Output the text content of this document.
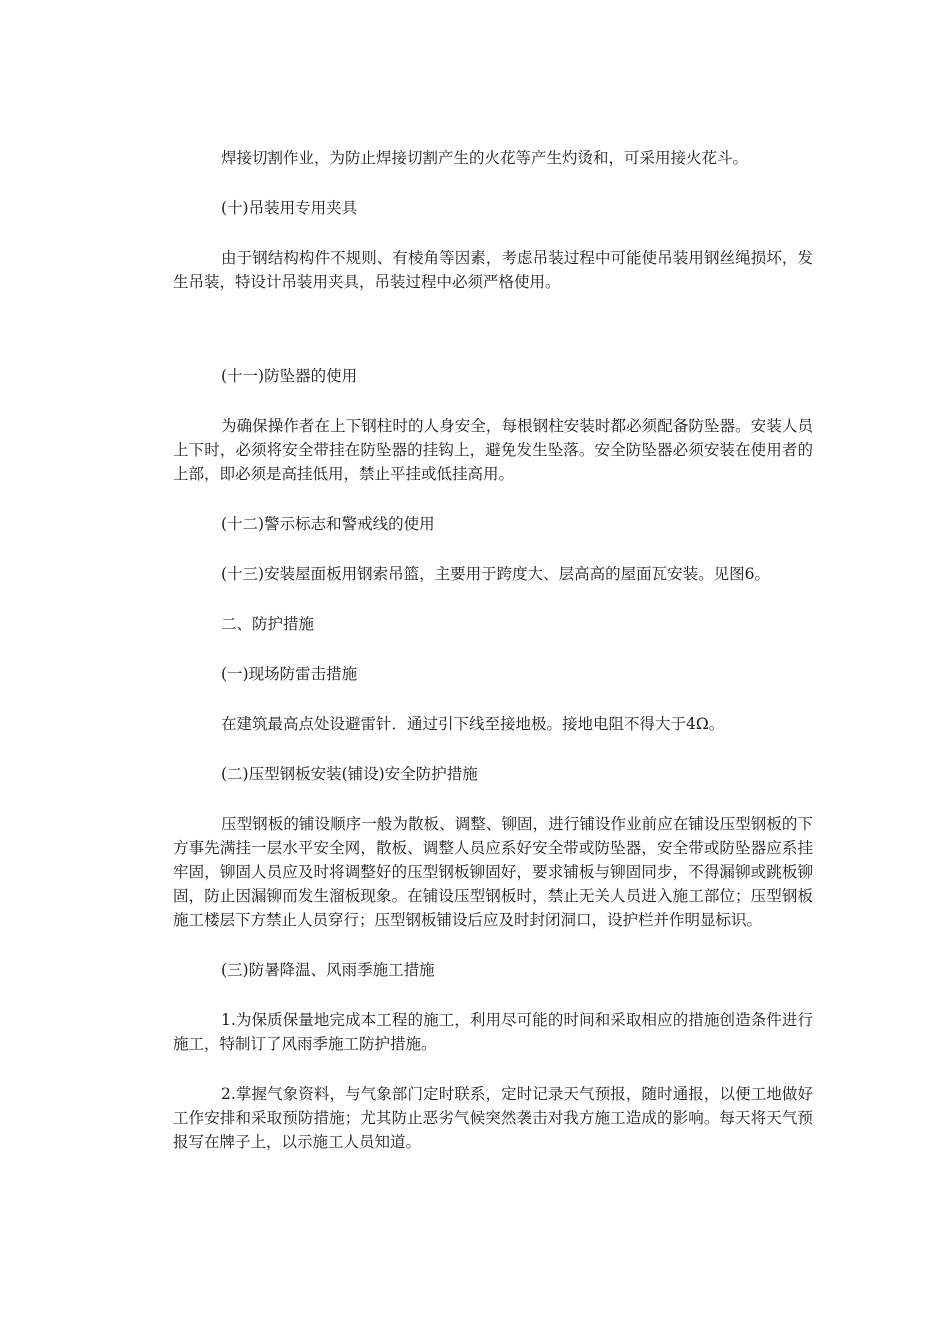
焊接切割作业，为防止焊接切割产生的火花等产生灼烫和，可采用接火花斗。

(十)吊装用专用夹具

由于钢结构构件不规则、有棱角等因素，考虑吊装过程中可能使吊装用钢丝绳损坏，发生吊装，特设计吊装用夹具，吊装过程中必须严格使用。

(十一)防坠器的使用

为确保操作者在上下钢柱时的人身安全，每根钢柱安装时都必须配备防坠器。安装人员上下时，必须将安全带挂在防坠器的挂钩上，避免发生坠落。安全防坠器必须安装在使用者的上部，即必须是高挂低用，禁止平挂或低挂高用。

(十二)警示标志和警戒线的使用

(十三)安装屋面板用钢索吊篮，主要用于跨度大、层高高的屋面瓦安装。见图6。

二、防护措施

(一)现场防雷击措施

在建筑最高点处设避雷针．通过引下线至接地极。接地电阻不得大于4Ω。

(二)压型钢板安装(铺设)安全防护措施

压型钢板的铺设顺序一般为散板、调整、铆固，进行铺设作业前应在铺设压型钢板的下方事先满挂一层水平安全网，散板、调整人员应系好安全带或防坠器，安全带或防坠器应系挂牢固，铆固人员应及时将调整好的压型钢板铆固好，要求铺板与铆固同步，不得漏铆或跳板铆固，防止因漏铆而发生溜板现象。在铺设压型钢板时，禁止无关人员进入施工部位；压型钢板施工楼层下方禁止人员穿行；压型钢板铺设后应及时封闭洞口，设护栏并作明显标识。

(三)防暑降温、风雨季施工措施

1.为保质保量地完成本工程的施工，利用尽可能的时间和采取相应的措施创造条件进行施工，特制订了风雨季施工防护措施。

2.掌握气象资料，与气象部门定时联系，定时记录天气预报，随时通报，以便工地做好工作安排和采取预防措施；尤其防止恶劣气候突然袭击对我方施工造成的影响。每天将天气预报写在牌子上，以示施工人员知道。
